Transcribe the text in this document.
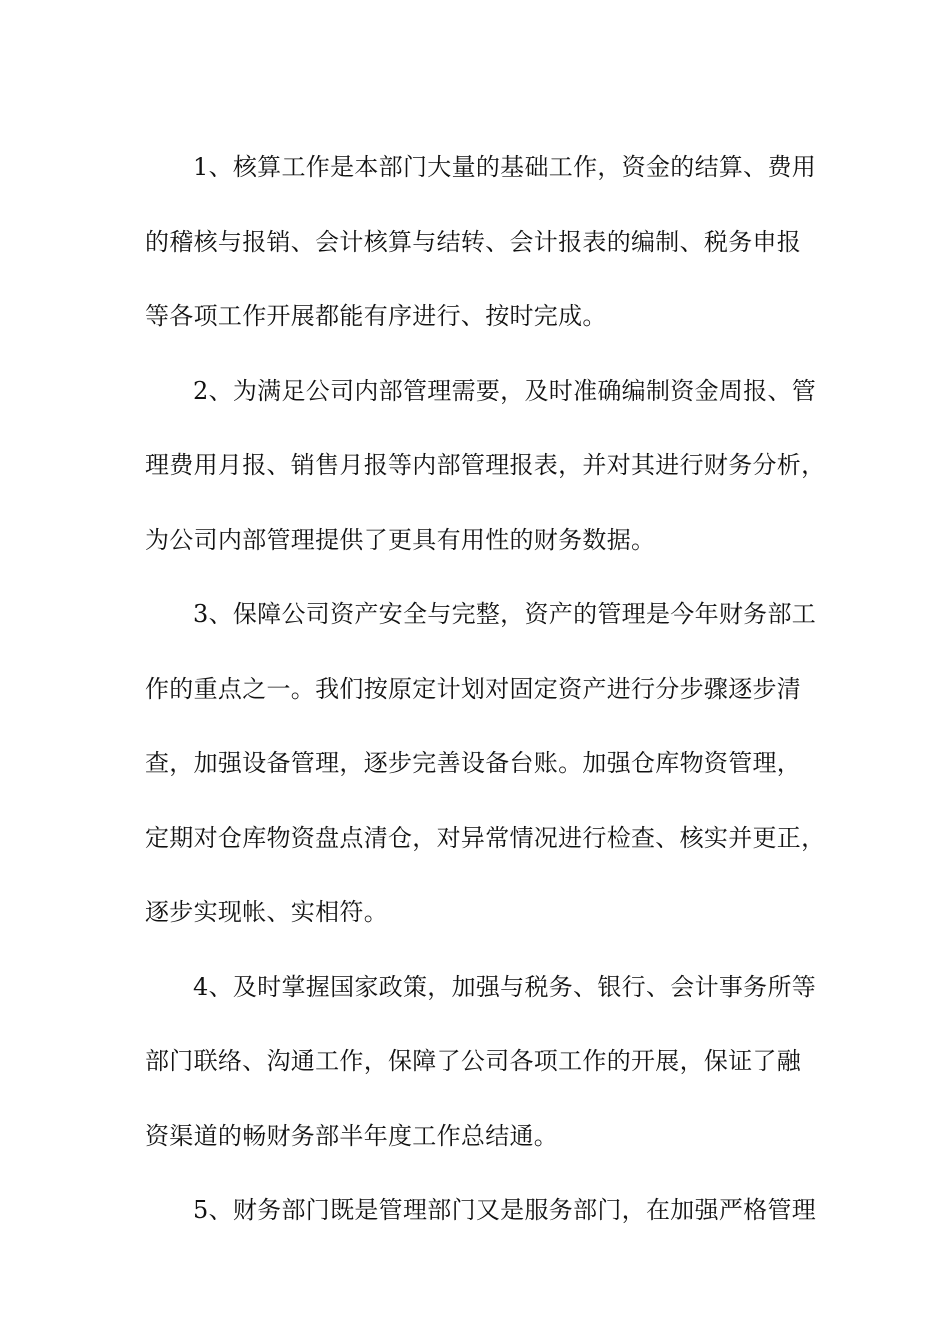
1、核算工作是本部门大量的基础工作，资金的结算、费用
的稽核与报销、会计核算与结转、会计报表的编制、税务申报
等各项工作开展都能有序进行、按时完成。
2、为满足公司内部管理需要，及时准确编制资金周报、管
理费用月报、销售月报等内部管理报表，并对其进行财务分析，
为公司内部管理提供了更具有用性的财务数据。
3、保障公司资产安全与完整，资产的管理是今年财务部工
作的重点之一。我们按原定计划对固定资产进行分步骤逐步清
查，加强设备管理，逐步完善设备台账。加强仓库物资管理，
定期对仓库物资盘点清仓，对异常情况进行检查、核实并更正，
逐步实现帐、实相符。
4、及时掌握国家政策，加强与税务、银行、会计事务所等
部门联络、沟通工作，保障了公司各项工作的开展，保证了融
资渠道的畅财务部半年度工作总结通。
5、财务部门既是管理部门又是服务部门，在加强严格管理
